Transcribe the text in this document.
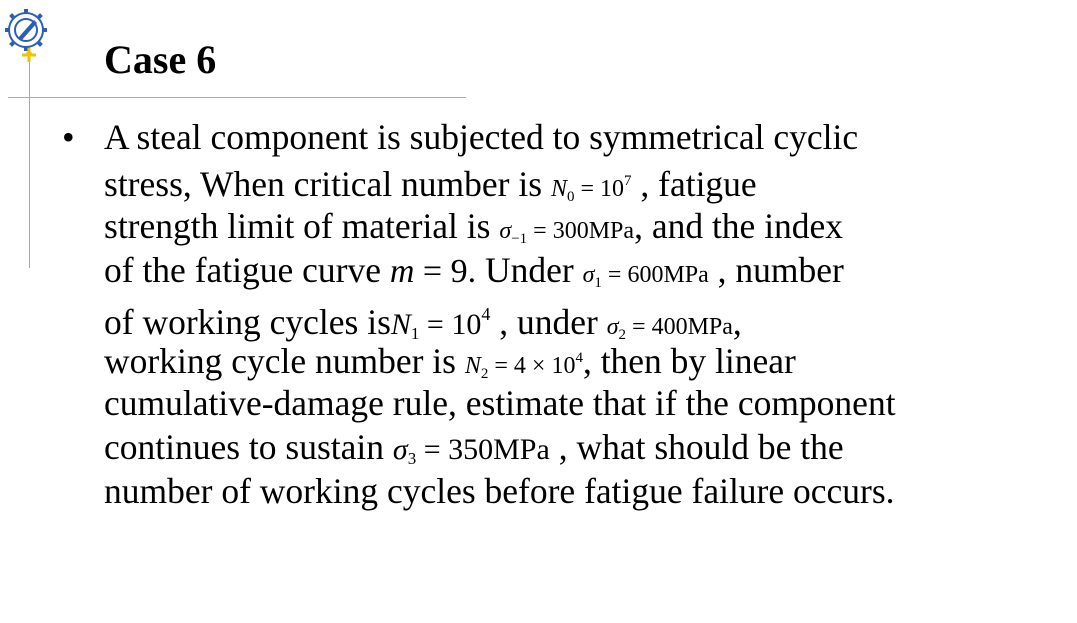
Case 6
• A steal component is subjected to symmetrical cyclic
stress, When critical number is $N_0 = 10^7$ , fatigue
strength limit of material is $\sigma_{-1} = 300MPa$, and the index
of the fatigue curve m = 9. Under $\sigma_1 = 600MPa$ , number
of working cycles $isN_1 = 10^4$ , under $\sigma_2 = 400MPa$,
working cycle number is $N_2 = 4 \times 10^4$, then by linear
cumulative-damage rule, estimate that if the component
continues to sustain $\sigma_3 = 350MPa$ , what should be the
number of working cycles before fatigue failure occurs.
